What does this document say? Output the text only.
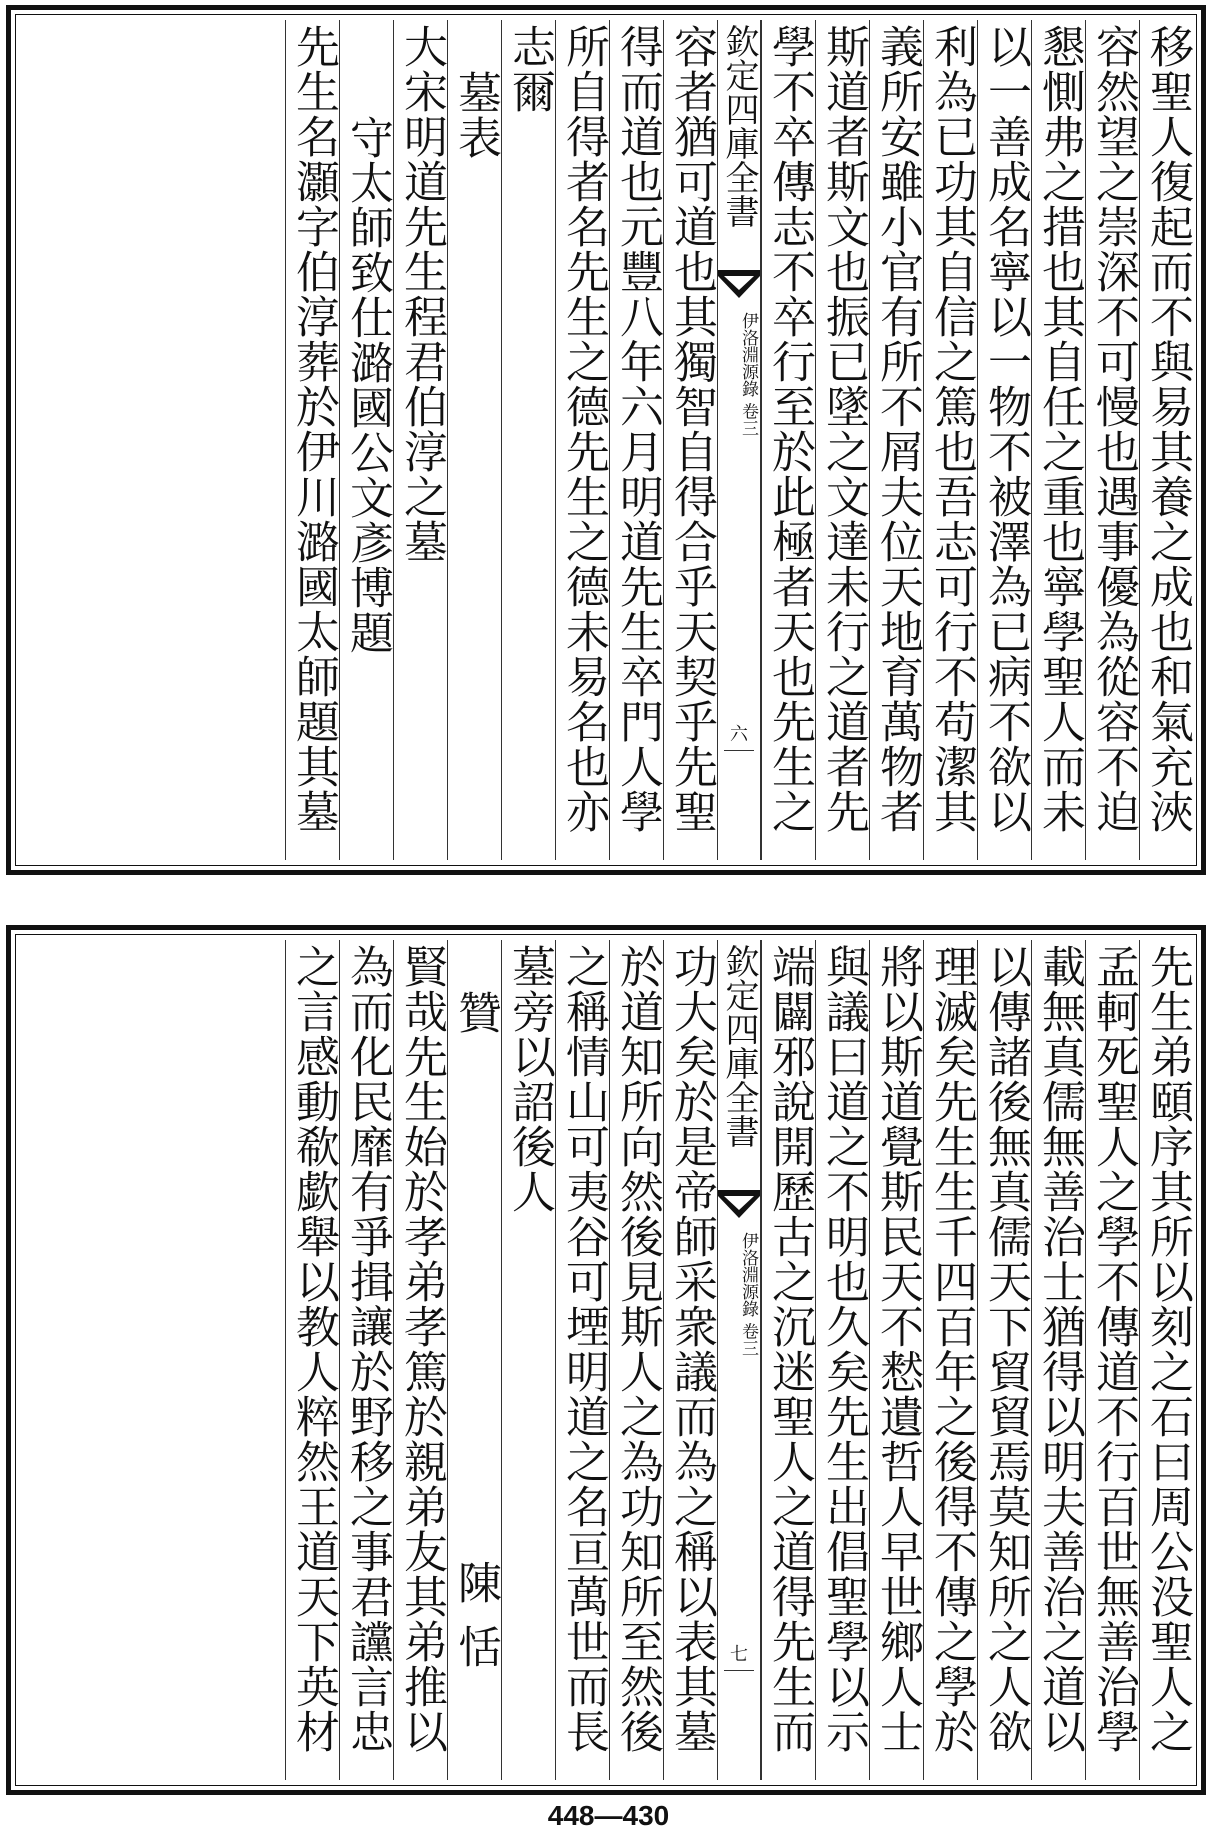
移聖人復起而不與易其養之成也和氣充浹
容然望之崇深不可慢也遇事優為從容不迫
懇惻弗之措也其自任之重也寧學聖人而未
以一善成名寧以一物不被澤為已病不欲以
利為已功其自信之篤也吾志可行不苟潔其
義所安雖小官有所不屑夫位天地育萬物者
斯道者斯文也振已墜之文達未行之道者先
學不卒傳志不卒行至於此極者天也先生之
欽定四庫全書
伊洛淵源錄 卷三
六
容者猶可道也其獨智自得合乎天契乎先聖
得而道也元豐八年六月明道先生卒門人學
所自得者名先生之德先生之德未易名也亦
志爾
墓表
大宋明道先生程君伯淳之墓
守太師致仕潞國公文彥博題
先生名灝字伯淳葬於伊川潞國太師題其墓
先生弟頤序其所以刻之石曰周公没聖人之
孟軻死聖人之學不傳道不行百世無善治學
載無真儒無善治士猶得以明夫善治之道以
以傳諸後無真儒天下貿貿焉莫知所之人欲
理滅矣先生生千四百年之後得不傳之學於
將以斯道覺斯民天不慭遺哲人早世鄉人士
與議曰道之不明也久矣先生出倡聖學以示
端闢邪說開歷古之沉迷聖人之道得先生而
欽定四庫全書
伊洛淵源錄 卷三
七
功大矣於是帝師采衆議而為之稱以表其墓
於道知所向然後見斯人之為功知所至然後
之稱情山可夷谷可堙明道之名亘萬世而長
墓旁以詔後人
贊
陳恬
賢哉先生始於孝弟孝篤於親弟友其弟推以
為而化民靡有爭揖讓於野移之事君讜言忠
之言感動欷歔舉以教人粹然王道天下英材
448—430
